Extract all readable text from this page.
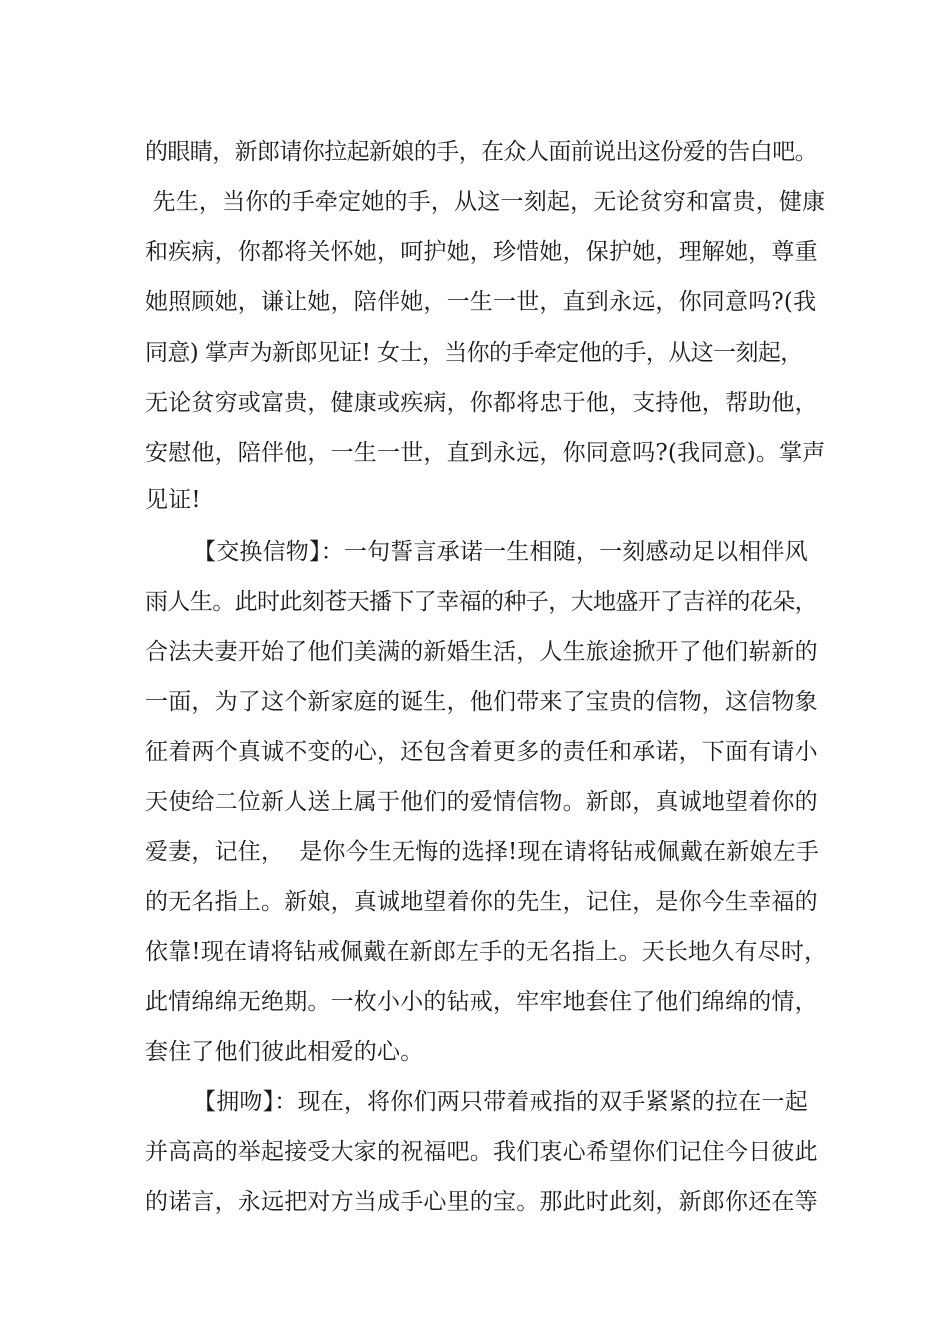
的眼睛，新郎请你拉起新娘的手，在众人面前说出这份爱的告白吧。
先生，当你的手牵定她的手，从这一刻起，无论贫穷和富贵，健康
和疾病，你都将关怀她，呵护她，珍惜她，保护她，理解她，尊重
她照顾她，谦让她，陪伴她，一生一世，直到永远，你同意吗?(我
同意) 掌声为新郎见证! 女士，当你的手牵定他的手，从这一刻起，
无论贫穷或富贵，健康或疾病，你都将忠于他，支持他，帮助他，
安慰他，陪伴他，一生一世，直到永远，你同意吗?(我同意)。掌声
见证!
【交换信物】：一句誓言承诺一生相随，一刻感动足以相伴风
雨人生。此时此刻苍天播下了幸福的种子，大地盛开了吉祥的花朵，
合法夫妻开始了他们美满的新婚生活，人生旅途掀开了他们崭新的
一面，为了这个新家庭的诞生，他们带来了宝贵的信物，这信物象
征着两个真诚不变的心，还包含着更多的责任和承诺，下面有请小
天使给二位新人送上属于他们的爱情信物。新郎，真诚地望着你的
爱妻，记住，  是你今生无悔的选择!现在请将钻戒佩戴在新娘左手
的无名指上。新娘，真诚地望着你的先生，记住，是你今生幸福的
依靠!现在请将钻戒佩戴在新郎左手的无名指上。天长地久有尽时，
此情绵绵无绝期。一枚小小的钻戒，牢牢地套住了他们绵绵的情，
套住了他们彼此相爱的心。
【拥吻】：现在，将你们两只带着戒指的双手紧紧的拉在一起
并高高的举起接受大家的祝福吧。我们衷心希望你们记住今日彼此
的诺言，永远把对方当成手心里的宝。那此时此刻，新郎你还在等
